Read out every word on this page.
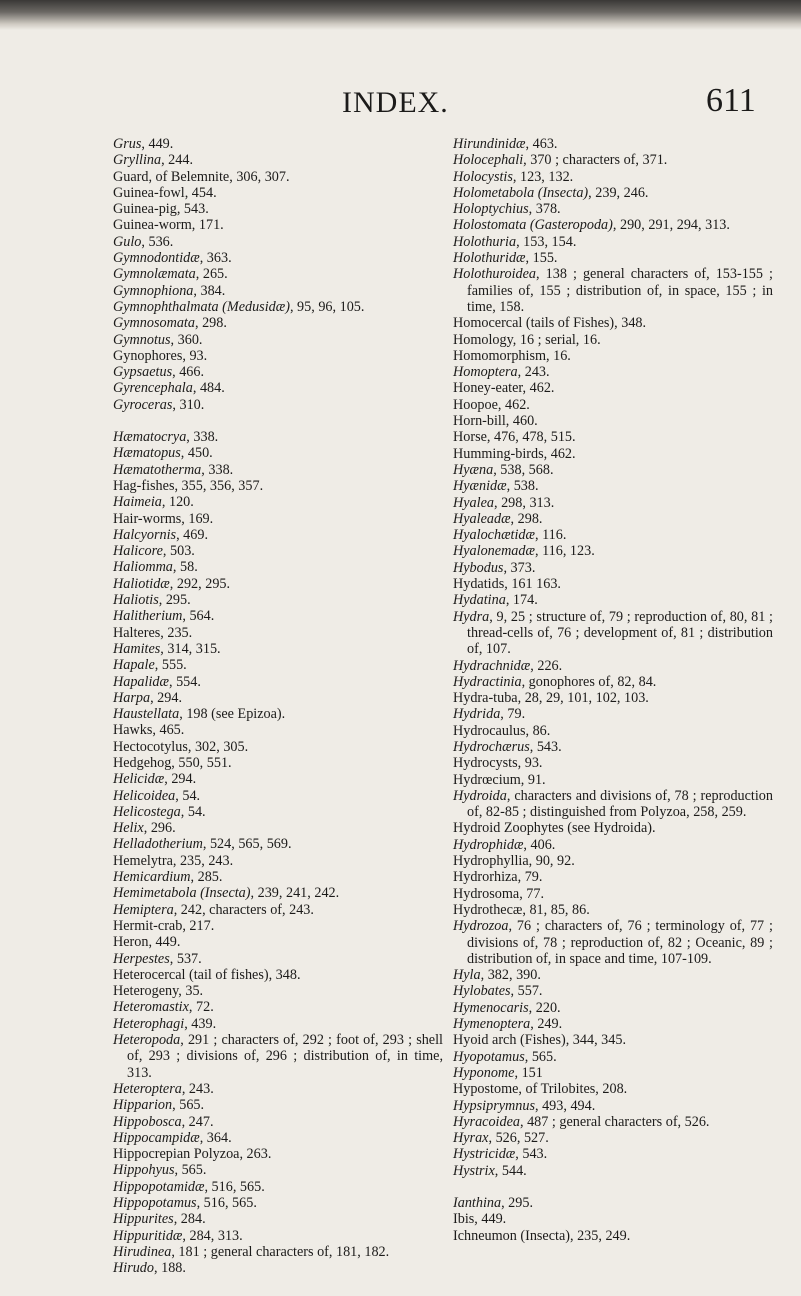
INDEX.	611
Grus, 449.
Gryllina, 244.
Guard, of Belemnite, 306, 307.
Guinea-fowl, 454.
Guinea-pig, 543.
Guinea-worm, 171.
Gulo, 536.
Gymnodontidæ, 363.
Gymnolæmata, 265.
Gymnophiona, 384.
Gymnophthalmata (Medusidæ), 95, 96, 105.
Gymnosomata, 298.
Gymnotus, 360.
Gynophores, 93.
Gypsaetus, 466.
Gyrencephala, 484.
Gyroceras, 310.
Hæmatocrya, 338.
Hæmatopus, 450.
Hæmatotherma, 338.
Hag-fishes, 355, 356, 357.
Haimeia, 120.
Hair-worms, 169.
Halcyornis, 469.
Halicore, 503.
Haliomma, 58.
Haliotidæ, 292, 295.
Haliotis, 295.
Halitherium, 564.
Halteres, 235.
Hamites, 314, 315.
Hapale, 555.
Hapalidæ, 554.
Harpa, 294.
Haustellata, 198 (see Epizoa).
Hawks, 465.
Hectocotylus, 302, 305.
Hedgehog, 550, 551.
Helicidæ, 294.
Helicoidea, 54.
Helicostega, 54.
Helix, 296.
Helladotherium, 524, 565, 569.
Hemelytra, 235, 243.
Hemicardium, 285.
Hemimetabola (Insecta), 239, 241, 242.
Hemiptera, 242, characters of, 243.
Hermit-crab, 217.
Heron, 449.
Herpestes, 537.
Heterocercal (tail of fishes), 348.
Heterogeny, 35.
Heteromastix, 72.
Heterophagi, 439.
Heteropoda, 291 ; characters of, 292 ; foot of, 293 ; shell of, 293 ; divisions of, 296 ; distribution of, in time, 313.
Heteroptera, 243.
Hipparion, 565.
Hippobosca, 247.
Hippocampidæ, 364.
Hippocrepian Polyzoa, 263.
Hippohyus, 565.
Hippopotamidæ, 516, 565.
Hippopotamus, 516, 565.
Hippurites, 284.
Hippuritidæ, 284, 313.
Hirudinea, 181 ; general characters of, 181, 182.
Hirudo, 188.
Hirundinidæ, 463.
Holocephali, 370 ; characters of, 371.
Holocystis, 123, 132.
Holometabola (Insecta), 239, 246.
Holoptychius, 378.
Holostomata (Gasteropoda), 290, 291, 294, 313.
Holothuria, 153, 154.
Holothuridæ, 155.
Holothuroidea, 138 ; general characters of, 153-155 ; families of, 155 ; distribution of, in space, 155 ; in time, 158.
Homocercal (tails of Fishes), 348.
Homology, 16 ; serial, 16.
Homomorphism, 16.
Homoptera, 243.
Honey-eater, 462.
Hoopoe, 462.
Horn-bill, 460.
Horse, 476, 478, 515.
Humming-birds, 462.
Hyæna, 538, 568.
Hyænidæ, 538.
Hyalea, 298, 313.
Hyaleadæ, 298.
Hyalochætidæ, 116.
Hyalonemadæ, 116, 123.
Hybodus, 373.
Hydatids, 161 163.
Hydatina, 174.
Hydra, 9, 25 ; structure of, 79 ; reproduction of, 80, 81 ; thread-cells of, 76 ; development of, 81 ; distribution of, 107.
Hydrachnidæ, 226.
Hydractinia, gonophores of, 82, 84.
Hydra-tuba, 28, 29, 101, 102, 103.
Hydrida, 79.
Hydrocaulus, 86.
Hydrochærus, 543.
Hydrocysts, 93.
Hydrœcium, 91.
Hydroida, characters and divisions of, 78 ; reproduction of, 82-85 ; distinguished from Polyzoa, 258, 259.
Hydroid Zoophytes (see Hydroida).
Hydrophidæ, 406.
Hydrophyllia, 90, 92.
Hydrorhiza, 79.
Hydrosoma, 77.
Hydrothecæ, 81, 85, 86.
Hydrozoa, 76 ; characters of, 76 ; terminology of, 77 ; divisions of, 78 ; reproduction of, 82 ; Oceanic, 89 ; distribution of, in space and time, 107-109.
Hyla, 382, 390.
Hylobates, 557.
Hymenocaris, 220.
Hymenoptera, 249.
Hyoid arch (Fishes), 344, 345.
Hyopotamus, 565.
Hyponome, 151
Hypostome, of Trilobites, 208.
Hypsiprymnus, 493, 494.
Hyracoidea, 487 ; general characters of, 526.
Hyrax, 526, 527.
Hystricidæ, 543.
Hystrix, 544.
Ianthina, 295.
Ibis, 449.
Ichneumon (Insecta), 235, 249.
